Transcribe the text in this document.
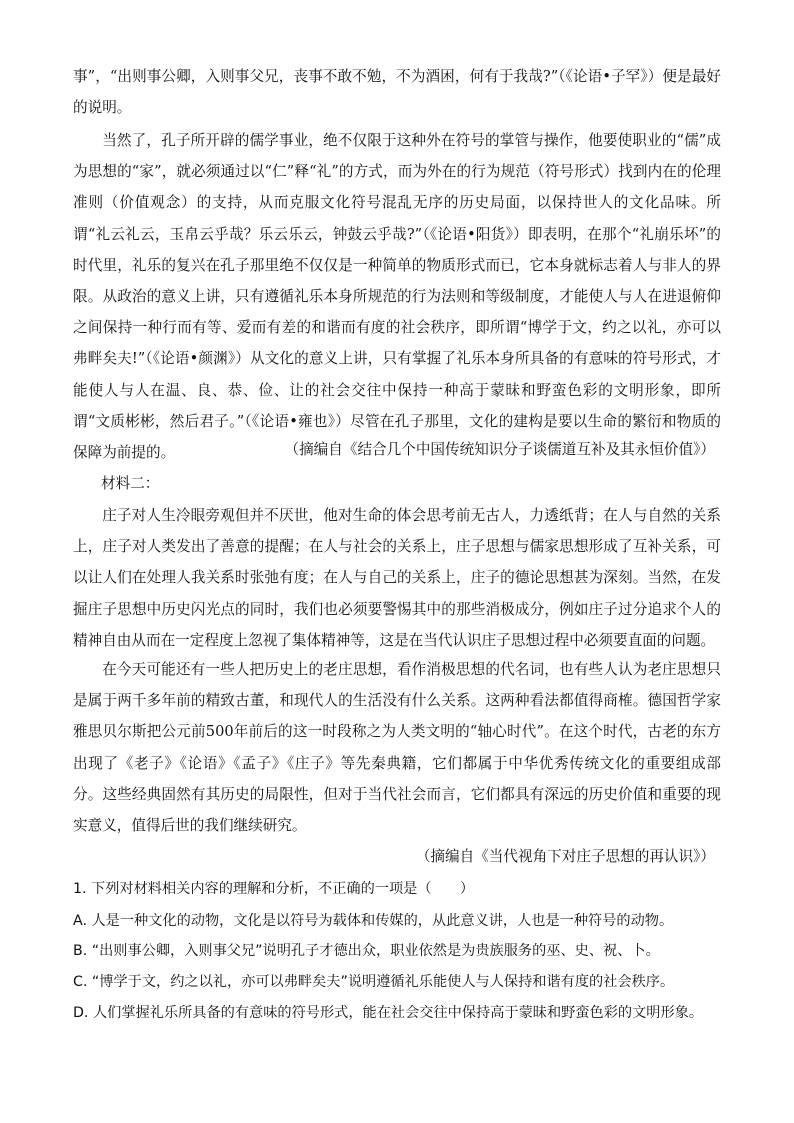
事”，“出则事公卿，入则事父兄，丧事不敢不勉，不为酒困，何有于我哉?”（《论语•子罕》）便是最好的说明。

当然了，孔子所开辟的儒学事业，绝不仅限于这种外在符号的掌管与操作，他要使职业的“儒”成为思想的“家”，就必须通过以“仁”释“礼”的方式，而为外在的行为规范（符号形式）找到内在的伦理准则（价值观念）的支持，从而克服文化符号混乱无序的历史局面，以保持世人的文化品味。所谓“礼云礼云，玉帛云乎哉？乐云乐云，钟鼓云乎哉?”（《论语•阳货》）即表明，在那个“礼崩乐坏”的时代里，礼乐的复兴在孔子那里绝不仅仅是一种简单的物质形式而已，它本身就标志着人与非人的界限。从政治的意义上讲，只有遵循礼乐本身所规范的行为法则和等级制度，才能使人与人在进退俯仰之间保持一种行而有等、爱而有差的和谐而有度的社会秩序，即所谓“博学于文，约之以礼，亦可以弗畔矣夫!”（《论语•颜渊》）从文化的意义上讲，只有掌握了礼乐本身所具备的有意味的符号形式，才能使人与人在温、良、恭、俭、让的社会交往中保持一种高于蒙昧和野蛮色彩的文明形象，即所谓“文质彬彬，然后君子。”（《论语•雍也》）尽管在孔子那里，文化的建构是要以生命的繁衍和物质的保障为前提的。	（摘编自《结合几个中国传统知识分子谈儒道互补及其永恒价值》）
材料二：

庄子对人生冷眼旁观但并不厌世，他对生命的体会思考前无古人，力透纸背；在人与自然的关系上，庄子对人类发出了善意的提醒；在人与社会的关系上，庄子思想与儒家思想形成了互补关系，可以让人们在处理人我关系时张弛有度；在人与自己的关系上，庄子的德论思想甚为深刻。当然，在发掘庄子思想中历史闪光点的同时，我们也必须要警惕其中的那些消极成分，例如庄子过分追求个人的精神自由从而在一定程度上忽视了集体精神等，这是在当代认识庄子思想过程中必须要直面的问题。

在今天可能还有一些人把历史上的老庄思想，看作消极思想的代名词，也有些人认为老庄思想只是属于两千多年前的精致古董，和现代人的生活没有什么关系。这两种看法都值得商榷。德国哲学家雅思贝尔斯把公元前500年前后的这一时段称之为人类文明的“轴心时代”。在这个时代，古老的东方出现了《老子》《论语》《孟子》《庄子》等先秦典籍，它们都属于中华优秀传统文化的重要组成部分。这些经典固然有其历史的局限性，但对于当代社会而言，它们都具有深远的历史价值和重要的现实意义，值得后世的我们继续研究。

（摘编自《当代视角下对庄子思想的再认识》）
1. 下列对材料相关内容的理解和分析，不正确的一项是（　　）
A. 人是一种文化的动物，文化是以符号为载体和传媒的，从此意义讲，人也是一种符号的动物。
B. “出则事公卿，入则事父兄”说明孔子才德出众，职业依然是为贵族服务的巫、史、祝、卜。
C. “博学于文，约之以礼，亦可以弗畔矣夫”说明遵循礼乐能使人与人保持和谐有度的社会秩序。
D. 人们掌握礼乐所具备的有意味的符号形式，能在社会交往中保持高于蒙昧和野蛮色彩的文明形象。
